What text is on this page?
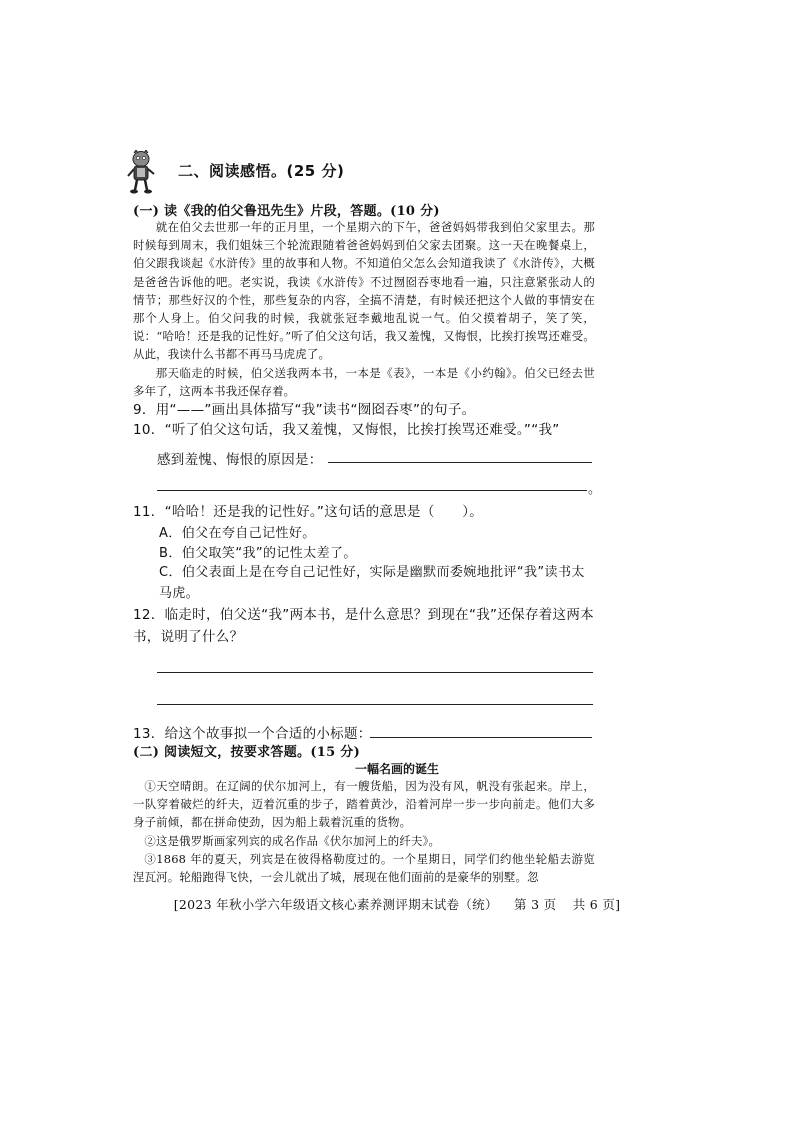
二、阅读感悟。(25 分)
(一) 读《我的伯父鲁迅先生》片段，答题。(10 分)

就在伯父去世那一年的正月里，一个星期六的下午，爸爸妈妈带我到伯父家里去。那时候每到周末，我们姐妹三个轮流跟随着爸爸妈妈到伯父家去团聚。这一天在晚餐桌上，伯父跟我谈起《水浒传》里的故事和人物。不知道伯父怎么会知道我读了《水浒传》，大概是爸爸告诉他的吧。老实说，我读《水浒传》不过囫囵吞枣地看一遍，只注意紧张动人的情节；那些好汉的个性，那些复杂的内容，全搞不清楚，有时候还把这个人做的事情安在那个人身上。伯父问我的时候，我就张冠李戴地乱说一气。伯父摸着胡子，笑了笑，说：“哈哈！还是我的记性好。”听了伯父这句话，我又羞愧，又悔恨，比挨打挨骂还难受。从此，我读什么书都不再马马虎虎了。

那天临走的时候，伯父送我两本书，一本是《表》，一本是《小约翰》。伯父已经去世多年了，这两本书我还保存着。

9．用“——”画出具体描写“我”读书“囫囵吞枣”的句子。
10．“听了伯父这句话，我又羞愧，又悔恨，比挨打挨骂还难受。”“我”
感到羞愧、悔恨的原因是：
。
11．“哈哈！还是我的记性好。”这句话的意思是（　　）。
A．伯父在夸自己记性好。
B．伯父取笑“我”的记性太差了。
C．伯父表面上是在夸自己记性好，实际是幽默而委婉地批评“我”读书太马虎。
12．临走时，伯父送“我”两本书，是什么意思？到现在“我”还保存着这两本书，说明了什么？
13．给这个故事拟一个合适的小标题：
(二) 阅读短文，按要求答题。(15 分)
一幅名画的诞生

①天空晴朗。在辽阔的伏尔加河上，有一艘货船，因为没有风，帆没有张起来。岸上，一队穿着破烂的纤夫，迈着沉重的步子，踏着黄沙，沿着河岸一步一步向前走。他们大多身子前倾，都在拼命使劲，因为船上载着沉重的货物。

②这是俄罗斯画家列宾的成名作品《伏尔加河上的纤夫》。

③1868 年的夏天，列宾是在彼得格勒度过的。一个星期日，同学们约他坐轮船去游览涅瓦河。轮船跑得飞快，一会儿就出了城，展现在他们面前的是豪华的别墅。忽

[2023 年秋小学六年级语文核心素养测评期末试卷（统） 第 3 页 共 6 页]
